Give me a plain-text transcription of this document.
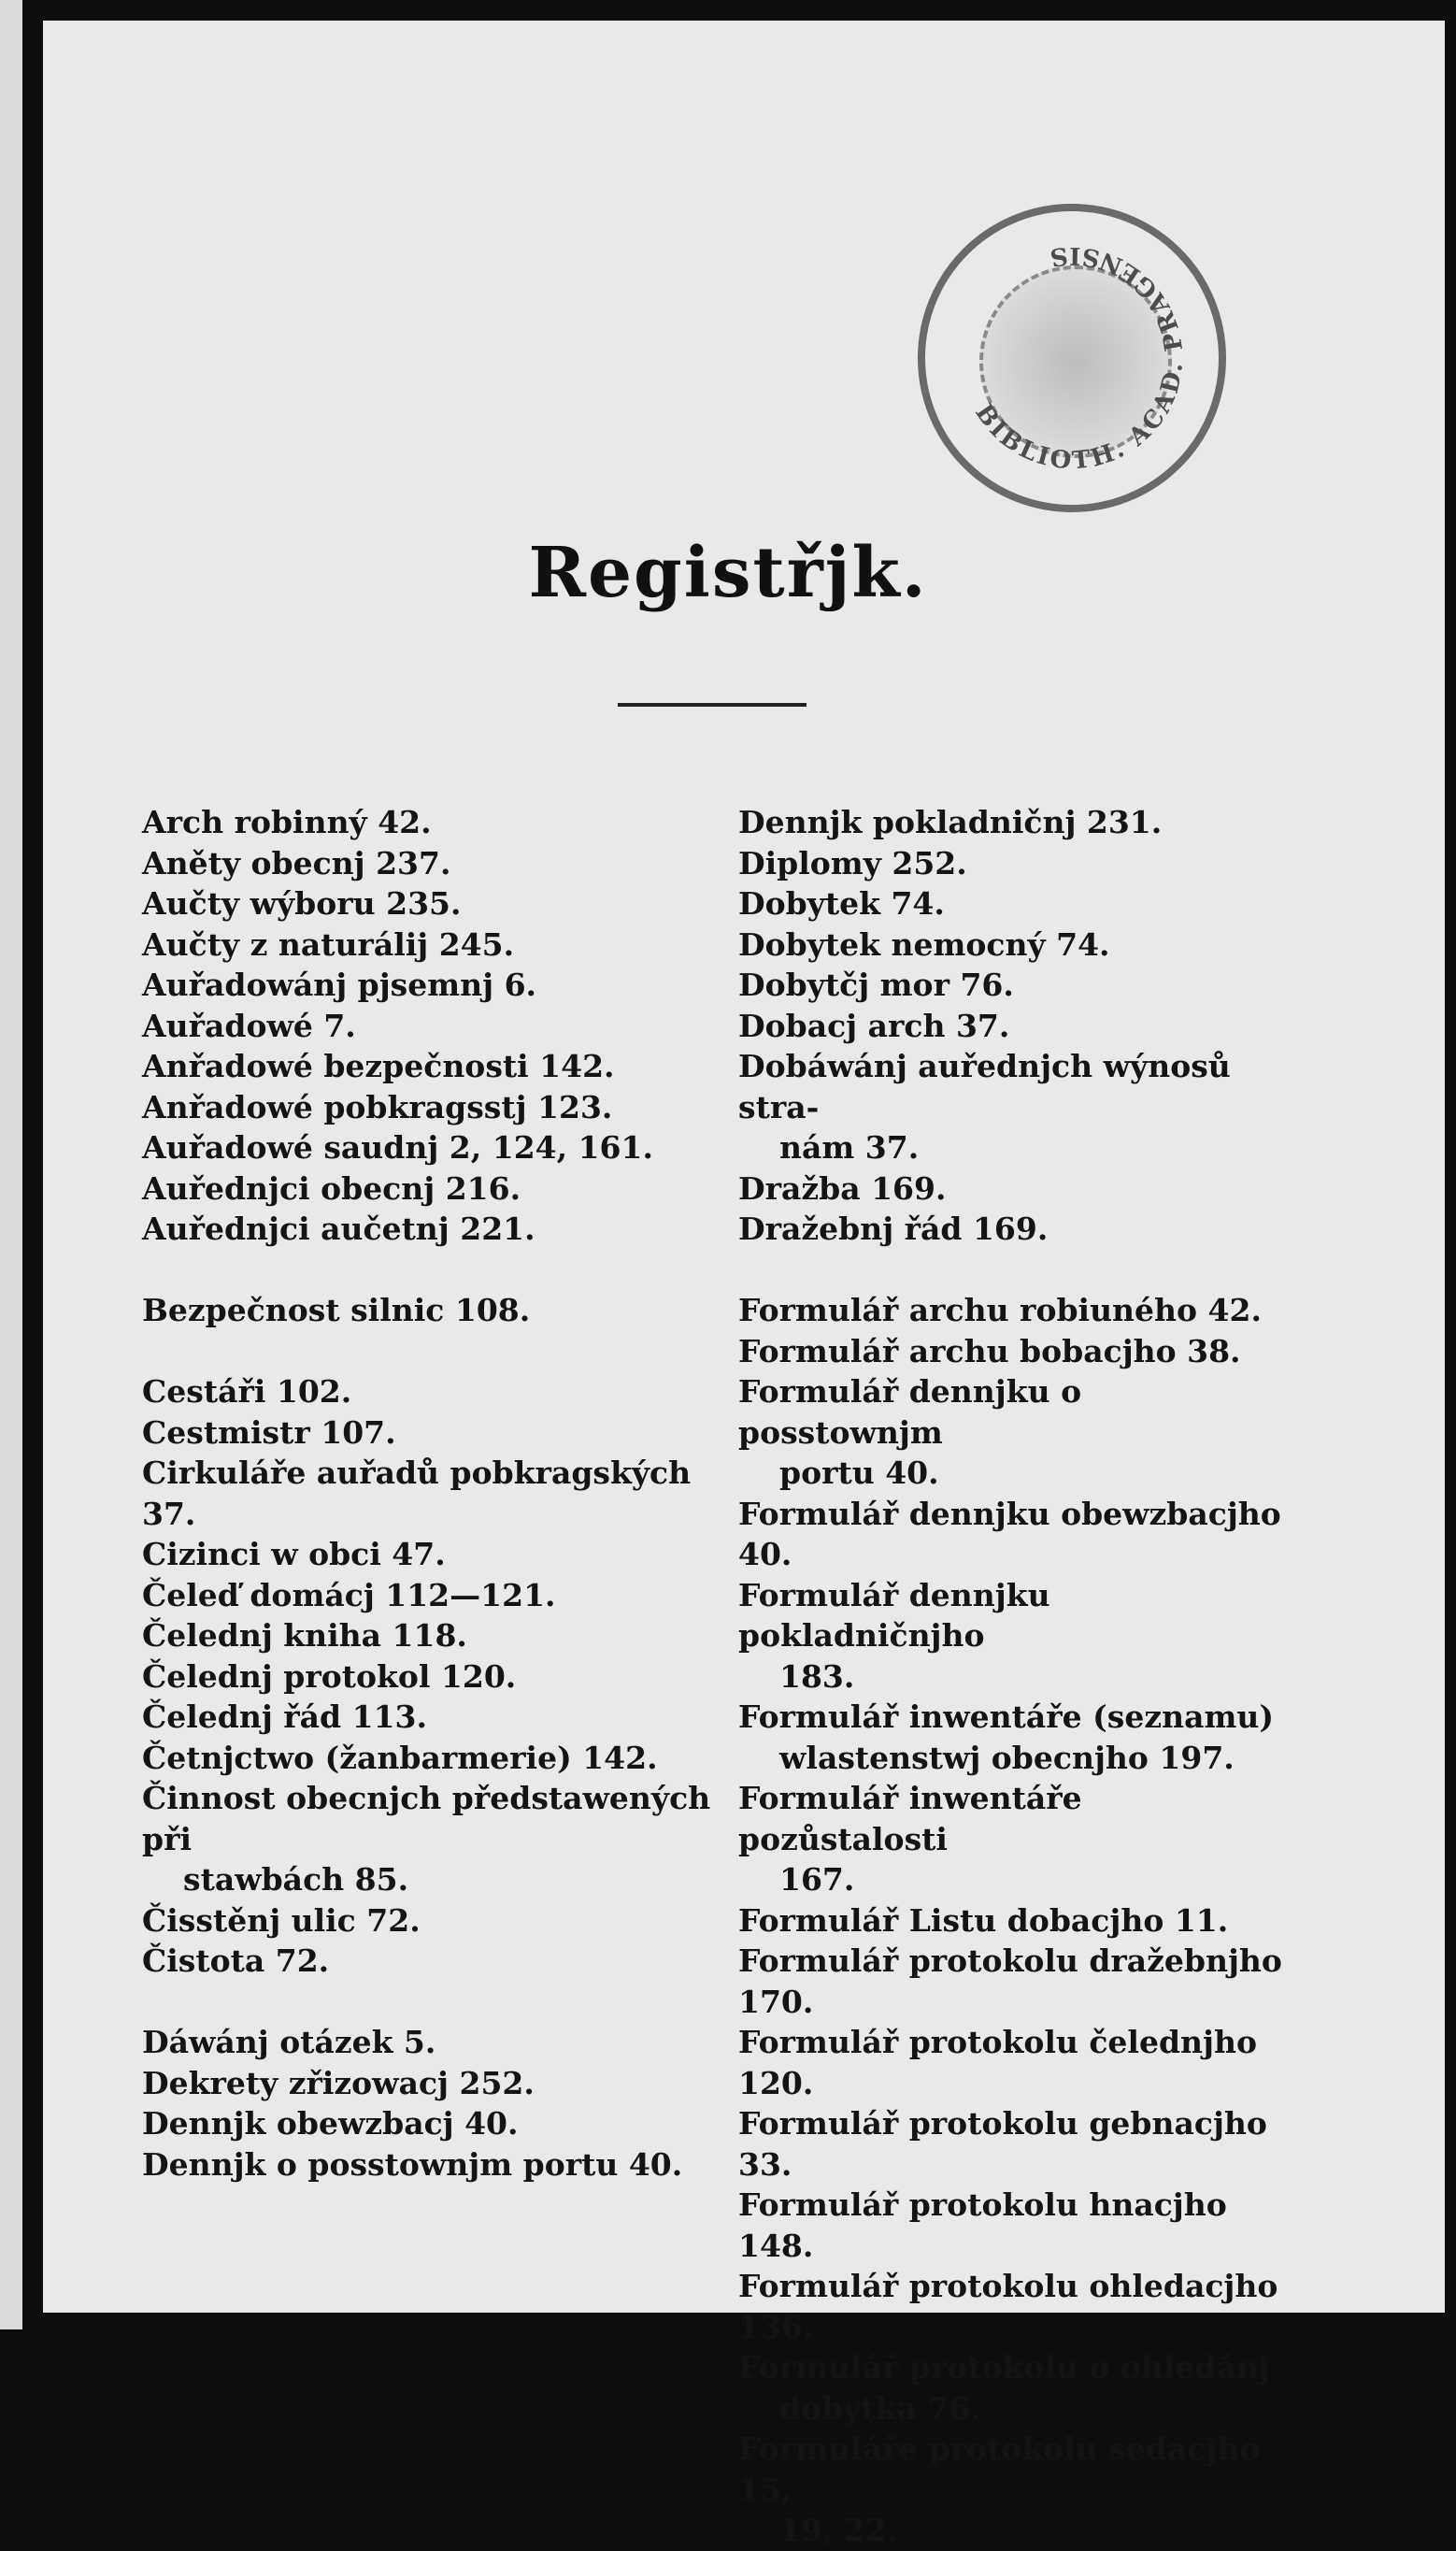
BIBLIOTH. ACAD. PRAGENSIS
Registřjk.
Arch robinný 42.
Aněty obecnj 237.
Aučty wýboru 235.
Aučty z naturálij 245.
Auřadowánj pjsemnj 6.
Auřadowé 7.
Anřadowé bezpečnosti 142.
Anřadowé pobkragsstj 123.
Auřadowé saudnj 2, 124, 161.
Auřednjci obecnj 216.
Auřednjci aučetnj 221.
Bezpečnost silnic 108.
Cestáři 102.
Cestmistr 107.
Cirkuláře auřadů pobkragských 37.
Cizinci w obci 47.
Čeleď domácj 112—121.
Čelednj kniha 118.
Čelednj protokol 120.
Čelednj řád 113.
Četnjctwo (žanbarmerie) 142.
Činnost obecnjch předstawených při
stawbách 85.
Čisstěnj ulic 72.
Čistota 72.
Dáwánj otázek 5.
Dekrety zřizowacj 252.
Dennjk obewzbacj 40.
Dennjk o posstownjm portu 40.
Dennjk pokladničnj 231.
Diplomy 252.
Dobytek 74.
Dobytek nemocný 74.
Dobytčj mor 76.
Dobacj arch 37.
Dobáwánj auřednjch wýnosů stra-
nám 37.
Dražba 169.
Dražebnj řád 169.
Formulář archu robiuného 42.
Formulář archu bobacjho 38.
Formulář dennjku o posstownjm
portu 40.
Formulář dennjku obewzbacjho 40.
Formulář dennjku pokladničnjho
183.
Formulář inwentáře (seznamu)
wlastenstwj obecnjho 197.
Formulář inwentáře pozůstalosti
167.
Formulář Listu dobacjho 11.
Formulář protokolu dražebnjho 170.
Formulář protokolu čelednjho 120.
Formulář protokolu gebnacjho 33.
Formulář protokolu hnacjho 148.
Formulář protokolu ohledacjho 136.
Formulář protokolu o ohledánj
dobytka 76.
Formuláře protokolu sedacjho 15,
19, 22.
